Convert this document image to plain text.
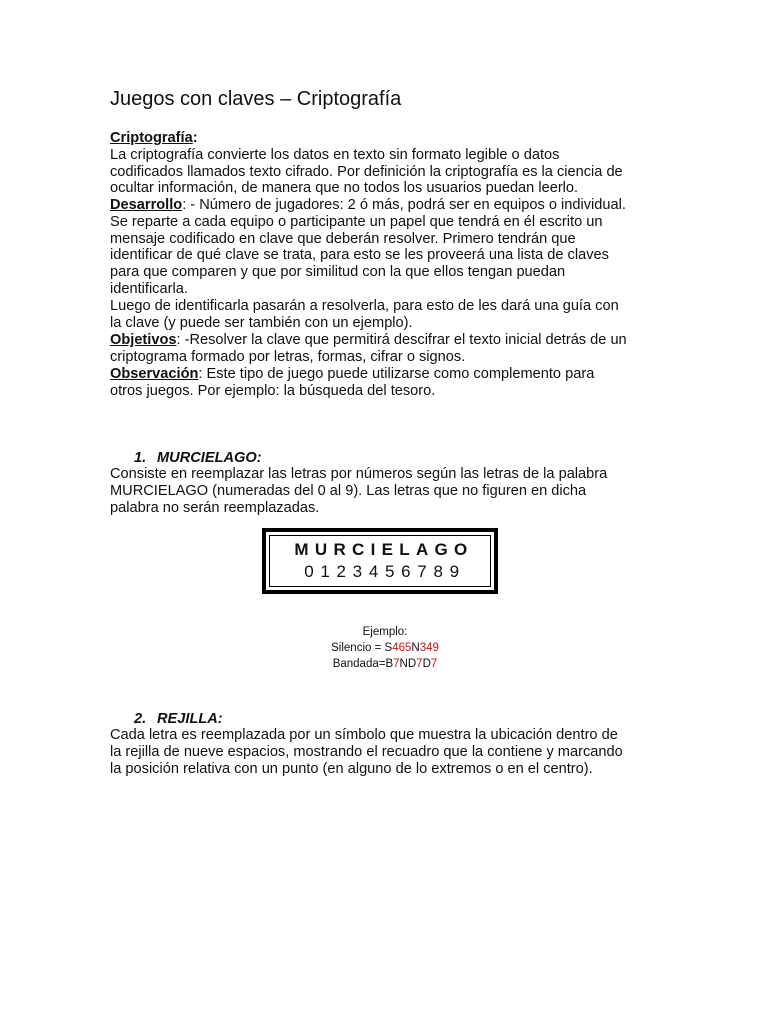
Juegos con claves – Criptografía
Criptografía:
La criptografía convierte los datos en texto sin formato legible o datos
codificados llamados texto cifrado. Por definición la criptografía es la ciencia de
ocultar información, de manera que no todos los usuarios puedan leerlo.
Desarrollo: - Número de jugadores: 2 ó más, podrá ser en equipos o individual.
Se reparte a cada equipo o participante un papel que tendrá en él escrito un
mensaje codificado en clave que deberán resolver. Primero tendrán que
identificar de qué clave se trata, para esto se les proveerá una lista de claves
para que comparen y que por similitud con la que ellos tengan puedan
identificarla.
Luego de identificarla pasarán a resolverla, para esto de les dará una guía con
la clave (y puede ser también con un ejemplo).
Objetivos: -Resolver la clave que permitirá descifrar el texto inicial detrás de un
criptograma formado por letras, formas, cifrar o signos.
Observación: Este tipo de juego puede utilizarse como complemento para
otros juegos. Por ejemplo: la búsqueda del tesoro.
1. MURCIELAGO:
Consiste en reemplazar las letras por números según las letras de la palabra
MURCIELAGO (numeradas del 0 al 9). Las letras que no figuren en dicha
palabra no serán reemplazadas.
MURCIELAGO
0123456789
Ejemplo:
Silencio = S465N349
Bandada=B7ND7D7
2. REJILLA:
Cada letra es reemplazada por un símbolo que muestra la ubicación dentro de
la rejilla de nueve espacios, mostrando el recuadro que la contiene y marcando
la posición relativa con un punto (en alguno de lo extremos o en el centro).
